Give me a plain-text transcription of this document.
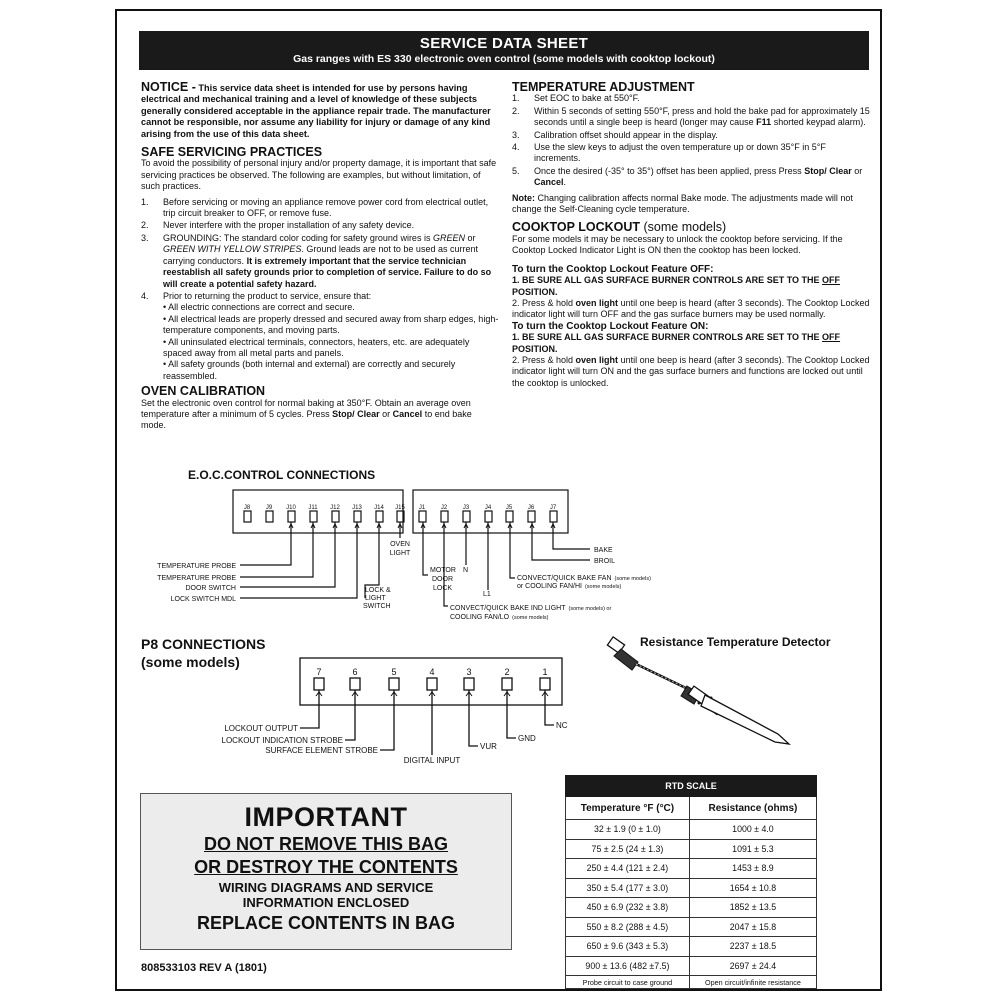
SERVICE DATA SHEET
Gas ranges with ES 330 electronic oven control (some models with cooktop lockout)

NOTICE - This service data sheet is intended for use by persons having electrical and mechanical training and a level of knowledge of these subjects generally considered acceptable in the appliance repair trade. The manufacturer cannot be responsible, nor assume any liability for injury or damage of any kind arising from the use of this data sheet.

SAFE SERVICING PRACTICES

To avoid the possibility of personal injury and/or property damage, it is important that safe servicing practices be observed. The following are examples, but without limitation, of such practices.

1. Before servicing or moving an appliance remove power cord from electrical outlet, trip circuit breaker to OFF, or remove fuse.
2. Never interfere with the proper installation of any safety device.
3. GROUNDING: The standard color coding for safety ground wires is GREEN or GREEN WITH YELLOW STRIPES. Ground leads are not to be used as current carrying conductors. It is extremely important that the service technician reestablish all safety grounds prior to completion of service. Failure to do so will create a potential safety hazard.
4. Prior to returning the product to service, ensure that:

• All electric connections are correct and secure.

• All electrical leads are properly dressed and secured away from sharp edges, high-temperature components, and moving parts.

• All uninsulated electrical terminals, connectors, heaters, etc. are adequately spaced away from all metal parts and panels.

• All safety grounds (both internal and external) are correctly and securely reassembled.

OVEN CALIBRATION

Set the electronic oven control for normal baking at 350°F. Obtain an average oven temperature after a minimum of 5 cycles. Press Stop/ Clear or Cancel to end bake mode.

TEMPERATURE ADJUSTMENT
1. Set EOC to bake at 550°F.
2. Within 5 seconds of setting 550°F, press and hold the bake pad for approximately 15 seconds until a single beep is heard (longer may cause F11 shorted keypad alarm).
3. Calibration offset should appear in the display.
4. Use the slew keys to adjust the oven temperature up or down 35°F in 5°F increments.
5. Once the desired (-35° to 35°) offset has been applied, press Press Stop/ Clear or Cancel.

Note: Changing calibration affects normal Bake mode. The adjustments made will not change the Self-Cleaning cycle temperature.

COOKTOP LOCKOUT (some models)

For some models it may be necessary to unlock the cooktop before servicing. If the Cooktop Locked Indicator Light is ON then the cooktop has been locked.

To turn the Cooktop Lockout Feature OFF:

1. BE SURE ALL GAS SURFACE BURNER CONTROLS ARE SET TO THE OFF POSITION.

2. Press & hold oven light until one beep is heard (after 3 seconds). The Cooktop Locked indicator light will turn OFF and the gas surface burners may be used normally.

To turn the Cooktop Lockout Feature ON:

1. BE SURE ALL GAS SURFACE BURNER CONTROLS ARE SET TO THE OFF POSITION.

2. Press & hold oven light until one beep is heard (after 3 seconds). The Cooktop Locked indicator light will turn ON and the gas surface burners and functions are locked out until the cooktop is unlocked.

E.O.C.CONTROL CONNECTIONS
J8	J9 J10 J11 J12 J13 J14 J15 J1	J2	J3	J4 J5	J6	J7
TEMPERATURE PROBE
TEMPERATURE PROBE
DOOR SWITCH
LOCK SWITCH MDL
LOCK &
LIGHT
SWITCH
OVEN
LIGHT
MOTOR
DOOR
LOCK
N
L1
CONVECT/QUICK BAKE FAN (some models)
or COOLING FAN/HI (some models)
CONVECT/QUICK BAKE IND LIGHT (some models) or
COOLING FAN/LO (some models)
BAKE
BROIL
7	6	5	4	3	2	1
LOCKOUT OUTPUT
LOCKOUT INDICATION STROBE
SURFACE ELEMENT STROBE
DIGITAL INPUT
VUR
GND
NC
P8 CONNECTIONS
(some models)
Resistance Temperature Detector
IMPORTANT
DO NOT REMOVE THIS BAG
OR DESTROY THE CONTENTS
WIRING DIAGRAMS AND SERVICE
INFORMATION ENCLOSED
REPLACE CONTENTS IN BAG
808533103 REV A (1801)
RTD SCALE	
Temperature °F (°C)	Resistance (ohms)
32 ± 1.9 (0 ± 1.0)	1000 ± 4.0
75 ± 2.5 (24 ± 1.3)	1091 ± 5.3
250 ± 4.4 (121 ± 2.4)	1453 ± 8.9
350 ± 5.4 (177 ± 3.0)	1654 ± 10.8
450 ± 6.9 (232 ± 3.8)	1852 ± 13.5
550 ± 8.2 (288 ± 4.5)	2047 ± 15.8
650 ± 9.6 (343 ± 5.3)	2237 ± 18.5
900 ± 13.6 (482 ±7.5)	2697 ± 24.4
Probe circuit to case ground	Open circuit/infinite resistance
